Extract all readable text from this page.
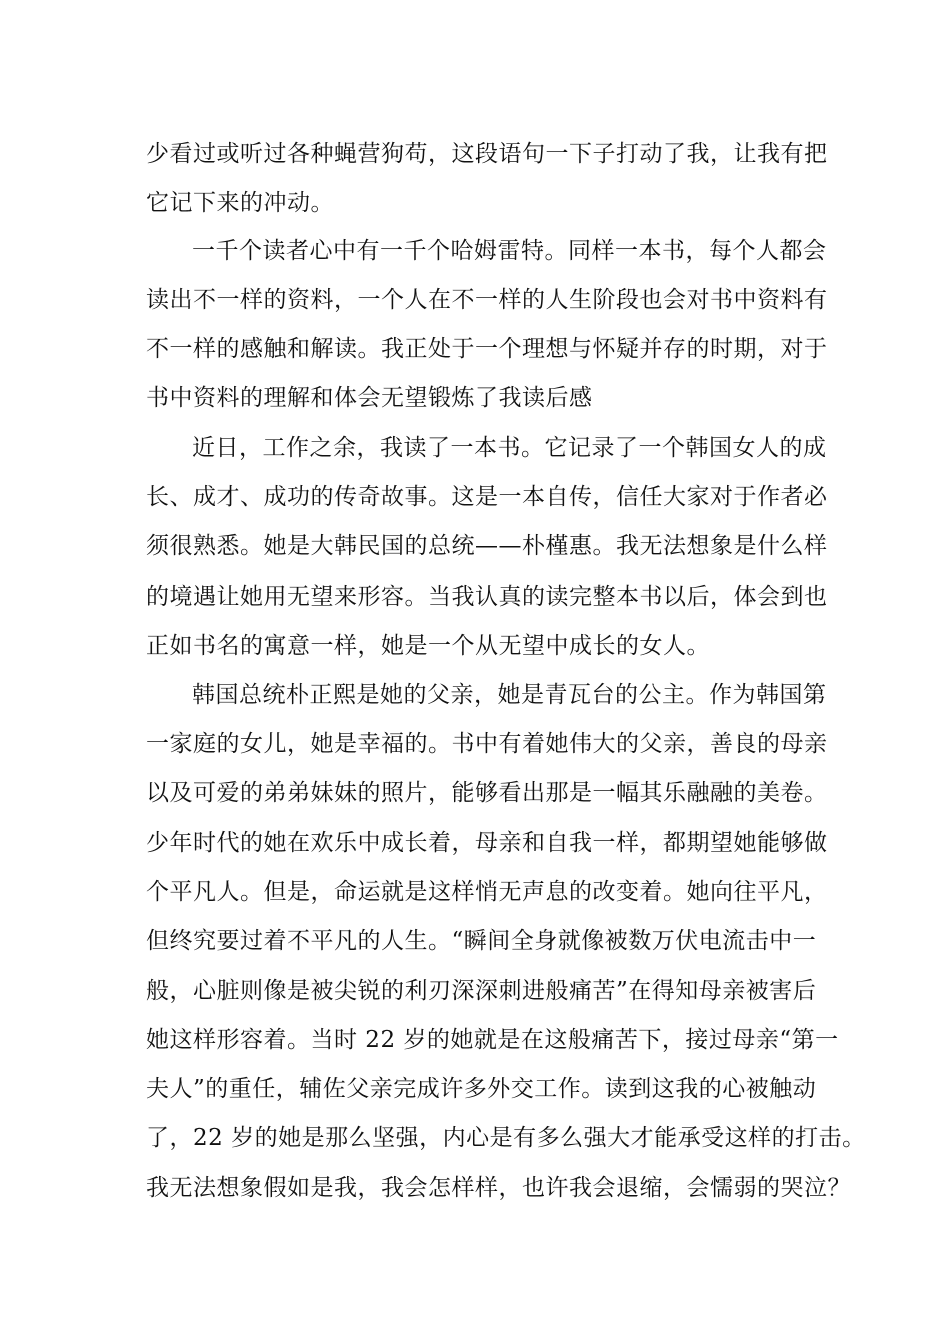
少看过或听过各种蝇营狗苟，这段语句一下子打动了我，让我有把
它记下来的冲动。
一千个读者心中有一千个哈姆雷特。同样一本书，每个人都会
读出不一样的资料，一个人在不一样的人生阶段也会对书中资料有
不一样的感触和解读。我正处于一个理想与怀疑并存的时期，对于
书中资料的理解和体会无望锻炼了我读后感
近日，工作之余，我读了一本书。它记录了一个韩国女人的成
长、成才、成功的传奇故事。这是一本自传，信任大家对于作者必
须很熟悉。她是大韩民国的总统——朴槿惠。我无法想象是什么样
的境遇让她用无望来形容。当我认真的读完整本书以后，体会到也
正如书名的寓意一样，她是一个从无望中成长的女人。
韩国总统朴正熙是她的父亲，她是青瓦台的公主。作为韩国第
一家庭的女儿，她是幸福的。书中有着她伟大的父亲，善良的母亲
以及可爱的弟弟妹妹的照片，能够看出那是一幅其乐融融的美卷。
少年时代的她在欢乐中成长着，母亲和自我一样，都期望她能够做
个平凡人。但是，命运就是这样悄无声息的改变着。她向往平凡，
但终究要过着不平凡的人生。“瞬间全身就像被数万伏电流击中一
般，心脏则像是被尖锐的利刃深深刺进般痛苦”在得知母亲被害后
她这样形容着。当时 22 岁的她就是在这般痛苦下，接过母亲“第一
夫人”的重任，辅佐父亲完成许多外交工作。读到这我的心被触动
了，22 岁的她是那么坚强，内心是有多么强大才能承受这样的打击。
我无法想象假如是我，我会怎样样，也许我会退缩，会懦弱的哭泣？
